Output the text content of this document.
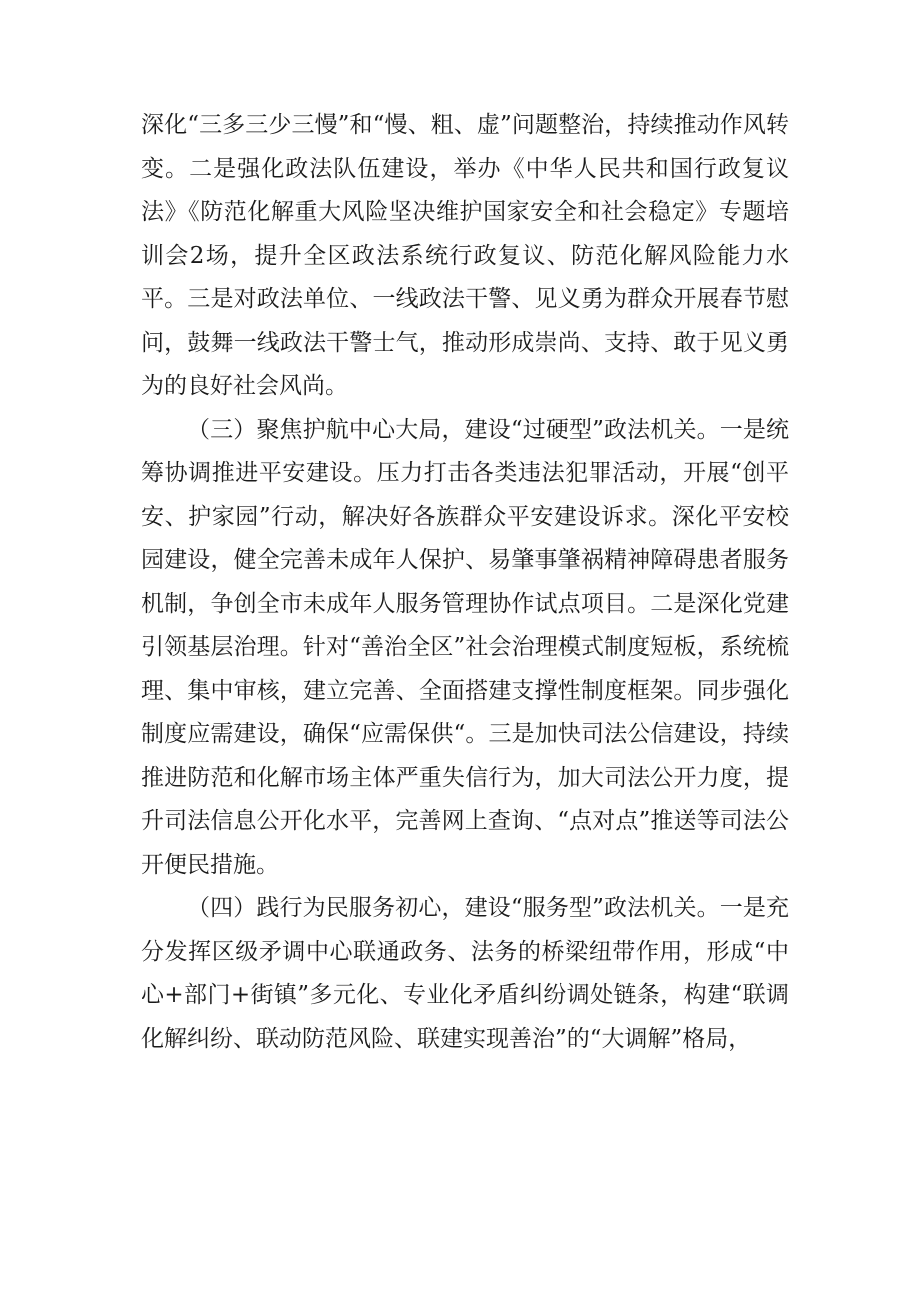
深化“三多三少三慢”和“慢、粗、虚”问题整治，持续推动作风转变。二是强化政法队伍建设，举办《中华人民共和国行政复议法》《防范化解重大风险坚决维护国家安全和社会稳定》专题培训会2场，提升全区政法系统行政复议、防范化解风险能力水平。三是对政法单位、一线政法干警、见义勇为群众开展春节慰问，鼓舞一线政法干警士气，推动形成崇尚、支持、敢于见义勇为的良好社会风尚。

（三）聚焦护航中心大局，建设“过硬型”政法机关。一是统筹协调推进平安建设。压力打击各类违法犯罪活动，开展“创平安、护家园”行动，解决好各族群众平安建设诉求。深化平安校园建设，健全完善未成年人保护、易肇事肇祸精神障碍患者服务机制，争创全市未成年人服务管理协作试点项目。二是深化党建引领基层治理。针对“善治全区”社会治理模式制度短板，系统梳理、集中审核，建立完善、全面搭建支撑性制度框架。同步强化制度应需建设，确保“应需保供“。三是加快司法公信建设，持续推进防范和化解市场主体严重失信行为，加大司法公开力度，提升司法信息公开化水平，完善网上查询、“点对点”推送等司法公开便民措施。

（四）践行为民服务初心，建设“服务型”政法机关。一是充分发挥区级矛调中心联通政务、法务的桥梁纽带作用，形成“中心+部门+街镇”多元化、专业化矛盾纠纷调处链条，构建“联调化解纠纷、联动防范风险、联建实现善治”的“大调解”格局，
